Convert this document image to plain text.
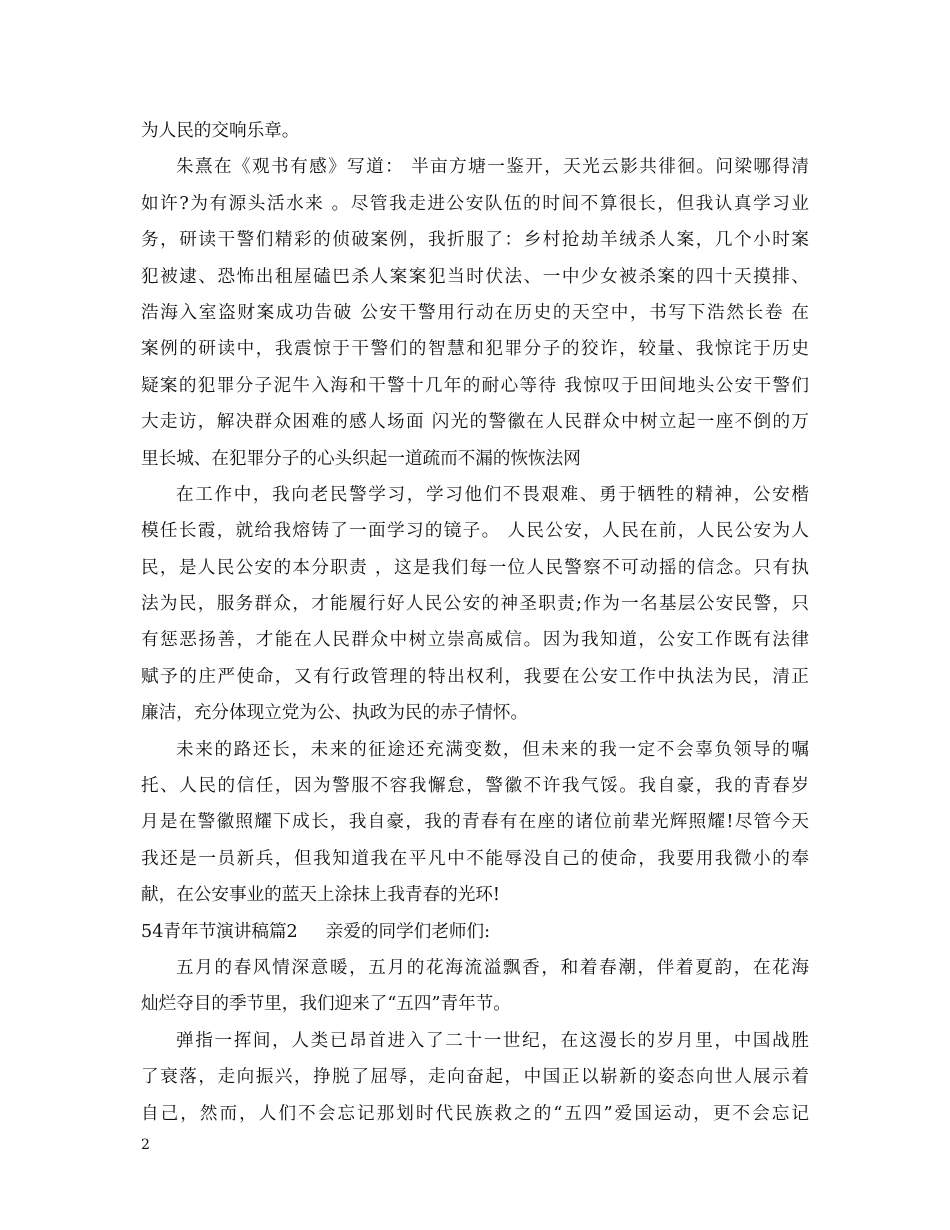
为人民的交响乐章。
朱熹在《观书有感》写道： 半亩方塘一鉴开，天光云影共徘徊。问梁哪得清
如许?为有源头活水来 。尽管我走进公安队伍的时间不算很长，但我认真学习业
务，研读干警们精彩的侦破案例，我折服了：乡村抢劫羊绒杀人案，几个小时案
犯被逮、恐怖出租屋磕巴杀人案案犯当时伏法、一中少女被杀案的四十天摸排、
浩海入室盗财案成功告破 公安干警用行动在历史的天空中，书写下浩然长卷 在
案例的研读中，我震惊于干警们的智慧和犯罪分子的狡诈，较量、我惊诧于历史
疑案的犯罪分子泥牛入海和干警十几年的耐心等待 我惊叹于田间地头公安干警们
大走访，解决群众困难的感人场面 闪光的警徽在人民群众中树立起一座不倒的万
里长城、在犯罪分子的心头织起一道疏而不漏的恢恢法网
在工作中，我向老民警学习，学习他们不畏艰难、勇于牺牲的精神，公安楷
模任长霞，就给我熔铸了一面学习的镜子。 人民公安，人民在前，人民公安为人
民，是人民公安的本分职责 ，这是我们每一位人民警察不可动摇的信念。只有执
法为民，服务群众，才能履行好人民公安的神圣职责;作为一名基层公安民警，只
有惩恶扬善，才能在人民群众中树立崇高威信。因为我知道，公安工作既有法律
赋予的庄严使命，又有行政管理的特出权利，我要在公安工作中执法为民，清正
廉洁，充分体现立党为公、执政为民的赤子情怀。
未来的路还长，未来的征途还充满变数，但未来的我一定不会辜负领导的嘱
托、人民的信任，因为警服不容我懈怠，警徽不许我气馁。我自豪，我的青春岁
月是在警徽照耀下成长，我自豪，我的青春有在座的诸位前辈光辉照耀!尽管今天
我还是一员新兵，但我知道我在平凡中不能辱没自己的使命，我要用我微小的奉
献，在公安事业的蓝天上涂抹上我青春的光环!
54青年节演讲稿篇2 亲爱的同学们老师们:
五月的春风情深意暖，五月的花海流溢飘香，和着春潮，伴着夏韵，在花海
灿烂夺目的季节里，我们迎来了“五四”青年节。
弹指一挥间，人类已昂首进入了二十一世纪，在这漫长的岁月里，中国战胜
了衰落，走向振兴，挣脱了屈辱，走向奋起，中国正以崭新的姿态向世人展示着
自己，然而，人们不会忘记那划时代民族救之的“五四”爱国运动，更不会忘记
2
